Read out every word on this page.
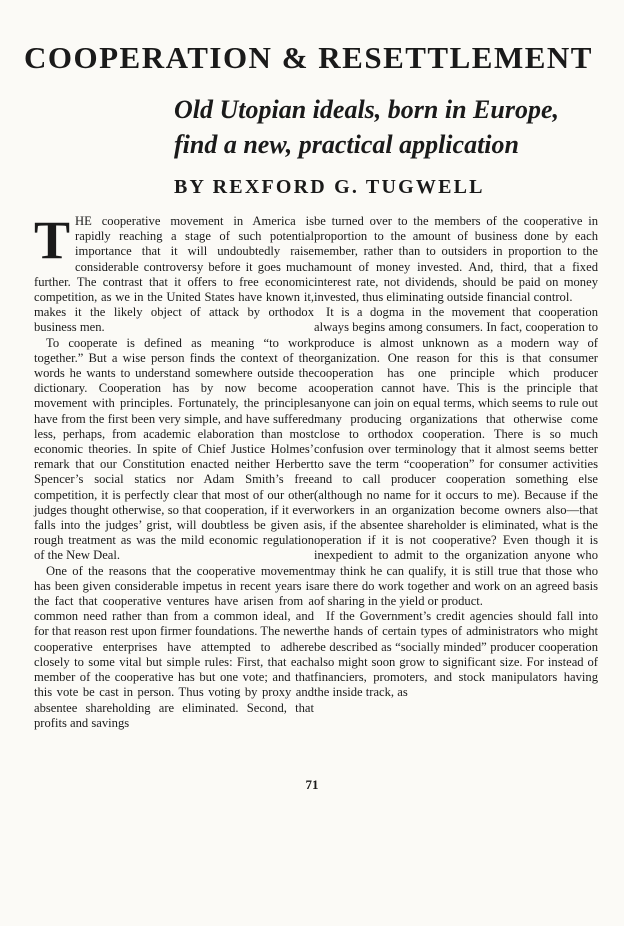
COOPERATION & RESETTLEMENT
Old Utopian ideals, born in Europe,
find a new, practical application
BY REXFORD G. TUGWELL

THE cooperative movement in America is rapidly reaching a stage of such potential importance that it will undoubtedly raise considerable controversy before it goes much further. The contrast that it offers to free economic competition, as we in the United States have known it, makes it the likely object of attack by orthodox business men.

To cooperate is defined as meaning “to work together.” But a wise person finds the context of the words he wants to understand somewhere outside the dictionary. Cooperation has by now become a movement with principles. Fortunately, the principles have from the first been very simple, and have suffered less, perhaps, from academic elaboration than most economic theories. In spite of Chief Justice Holmes’ remark that our Constitution enacted neither Herbert Spencer’s social statics nor Adam Smith’s free competition, it is perfectly clear that most of our other judges thought otherwise, so that cooperation, if it ever falls into the judges’ grist, will doubtless be given as rough treatment as was the mild economic regulation of the New Deal.

One of the reasons that the cooperative movement has been given considerable impetus in recent years is the fact that cooperative ventures have arisen from a common need rather than from a common ideal, and for that reason rest upon firmer foundations. The newer cooperative enterprises have attempted to adhere closely to some vital but simple rules: First, that each member of the cooperative has but one vote; and that this vote be cast in person. Thus voting by proxy and absentee shareholding are eliminated. Second, that profits and savings

be turned over to the members of the cooperative in proportion to the amount of business done by each member, rather than to outsiders in proportion to the amount of money invested. And, third, that a fixed interest rate, not dividends, should be paid on money invested, thus eliminating outside financial control.

It is a dogma in the movement that cooperation always begins among consumers. In fact, cooperation to produce is almost unknown as a modern way of organization. One reason for this is that consumer cooperation has one principle which producer cooperation cannot have. This is the principle that anyone can join on equal terms, which seems to rule out many producing organizations that otherwise come close to orthodox cooperation. There is so much confusion over terminology that it almost seems better to save the term “cooperation” for consumer activities and to call producer cooperation something else (although no name for it occurs to me). Because if the workers in an organization become owners also—that is, if the absentee shareholder is eliminated, what is the operation if it is not cooperative? Even though it is inexpedient to admit to the organization anyone who may think he can qualify, it is still true that those who are there do work together and work on an agreed basis of sharing in the yield or product.

If the Government’s credit agencies should fall into the hands of certain types of administrators who might be described as “socially minded” producer cooperation also might soon grow to significant size. For instead of financiers, promoters, and stock manipulators having the inside track, as

71
